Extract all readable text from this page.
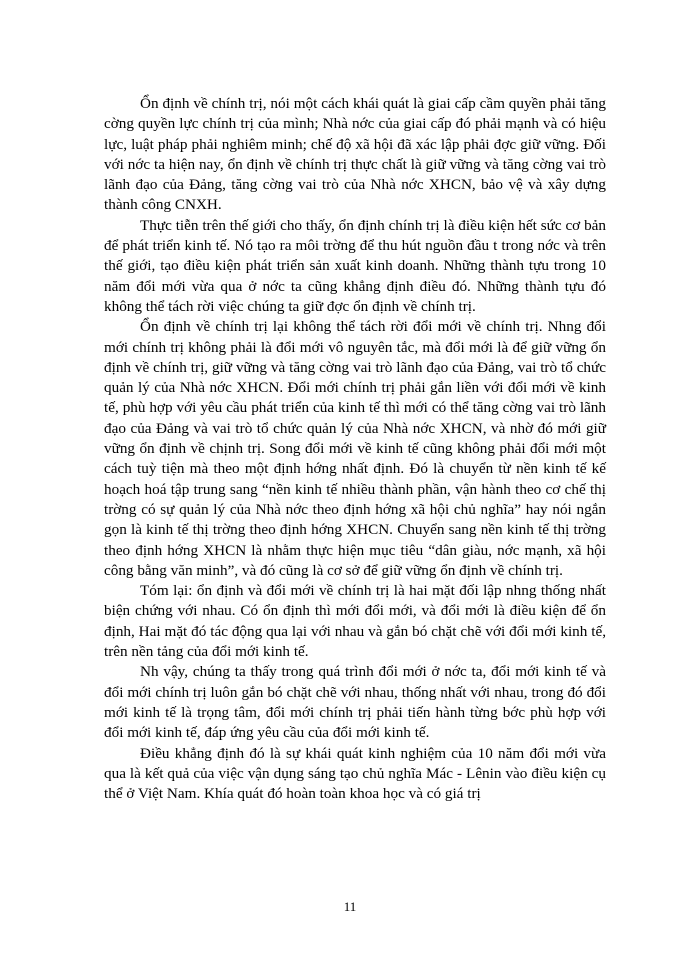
Ổn định về chính trị, nói một cách khái quát là giai cấp cầm quyền phải tăng cờng quyền lực chính trị của mình; Nhà nớc của giai cấp đó phải mạnh và có hiệu lực, luật pháp phải nghiêm minh; chế độ xã hội đã xác lập phải đợc giữ vững. Đối với nớc ta hiện nay, ổn định về chính trị thực chất là giữ vững và tăng cờng vai trò lãnh đạo của Đảng, tăng cờng vai trò của Nhà nớc XHCN, bảo vệ và xây dựng thành công CNXH.

Thực tiễn trên thế giới cho thấy, ổn định chính trị là điều kiện hết sức cơ bản để phát triển kinh tế. Nó tạo ra môi trờng để thu hút nguồn đầu t trong nớc và trên thế giới, tạo điều kiện phát triển sản xuất kinh doanh. Những thành tựu trong 10 năm đổi mới vừa qua ở nớc ta cũng khẳng định điều đó. Những thành tựu đó không thể tách rời việc chúng ta giữ đợc ổn định về chính trị.

Ổn định về chính trị lại không thể tách rời đổi mới về chính trị. Nhng đổi mới chính trị không phải là đổi mới vô nguyên tắc, mà đổi mới là để giữ vững ổn định về chính trị, giữ vững và tăng cờng vai trò lãnh đạo của Đảng, vai trò tổ chức quản lý của Nhà nớc XHCN. Đổi mới chính trị phải gắn liền với đổi mới về kinh tế, phù hợp với yêu cầu phát triển của kinh tế thì mới có thể tăng cờng vai trò lãnh đạo của Đảng và vai trò tổ chức quản lý của Nhà nớc XHCN, và nhờ đó mới giữ vững ổn định về chịnh trị. Song đổi mới về kinh tế cũng không phải đổi mới một cách tuỳ tiện mà theo một định hớng nhất định. Đó là chuyển từ nền kinh tế kế hoạch hoá tập trung sang “nền kinh tế nhiều thành phần, vận hành theo cơ chế thị trờng có sự quản lý của Nhà nớc theo định hớng xã hội chủ nghĩa” hay nói ngắn gọn là kinh tế thị trờng theo định hớng XHCN. Chuyển sang nền kinh tế thị trờng theo định hớng XHCN là nhằm thực hiện mục tiêu “dân giàu, nớc mạnh, xã hội công bằng văn minh”, và đó cũng là cơ sở để giữ vững ổn định về chính trị.

Tóm lại: ổn định và đổi mới về chính trị là hai mặt đối lập nhng thống nhất biện chứng với nhau. Có ổn định thì mới đổi mới, và đổi mới là điều kiện để ổn định, Hai mặt đó tác động qua lại với nhau và gắn bó chặt chẽ với đổi mới kinh tế, trên nền tảng của đổi mới kinh tế.

Nh vậy, chúng ta thấy trong quá trình đổi mới ở nớc ta, đổi mới kinh tế và đổi mới chính trị luôn gắn bó chặt chẽ với nhau, thống nhất với nhau, trong đó đổi mới kinh tế là trọng tâm, đổi mới chính trị phải tiến hành từng bớc phù hợp với đổi mới kinh tế, đáp ứng yêu cầu của đổi mới kinh tế.

Điều khẳng định đó là sự khái quát kinh nghiệm của 10 năm đổi mới vừa qua là kết quả của việc vận dụng sáng tạo chủ nghĩa Mác - Lênin vào điều kiện cụ thể ở Việt Nam. Khía quát đó hoàn toàn khoa học và có giá trị

11
